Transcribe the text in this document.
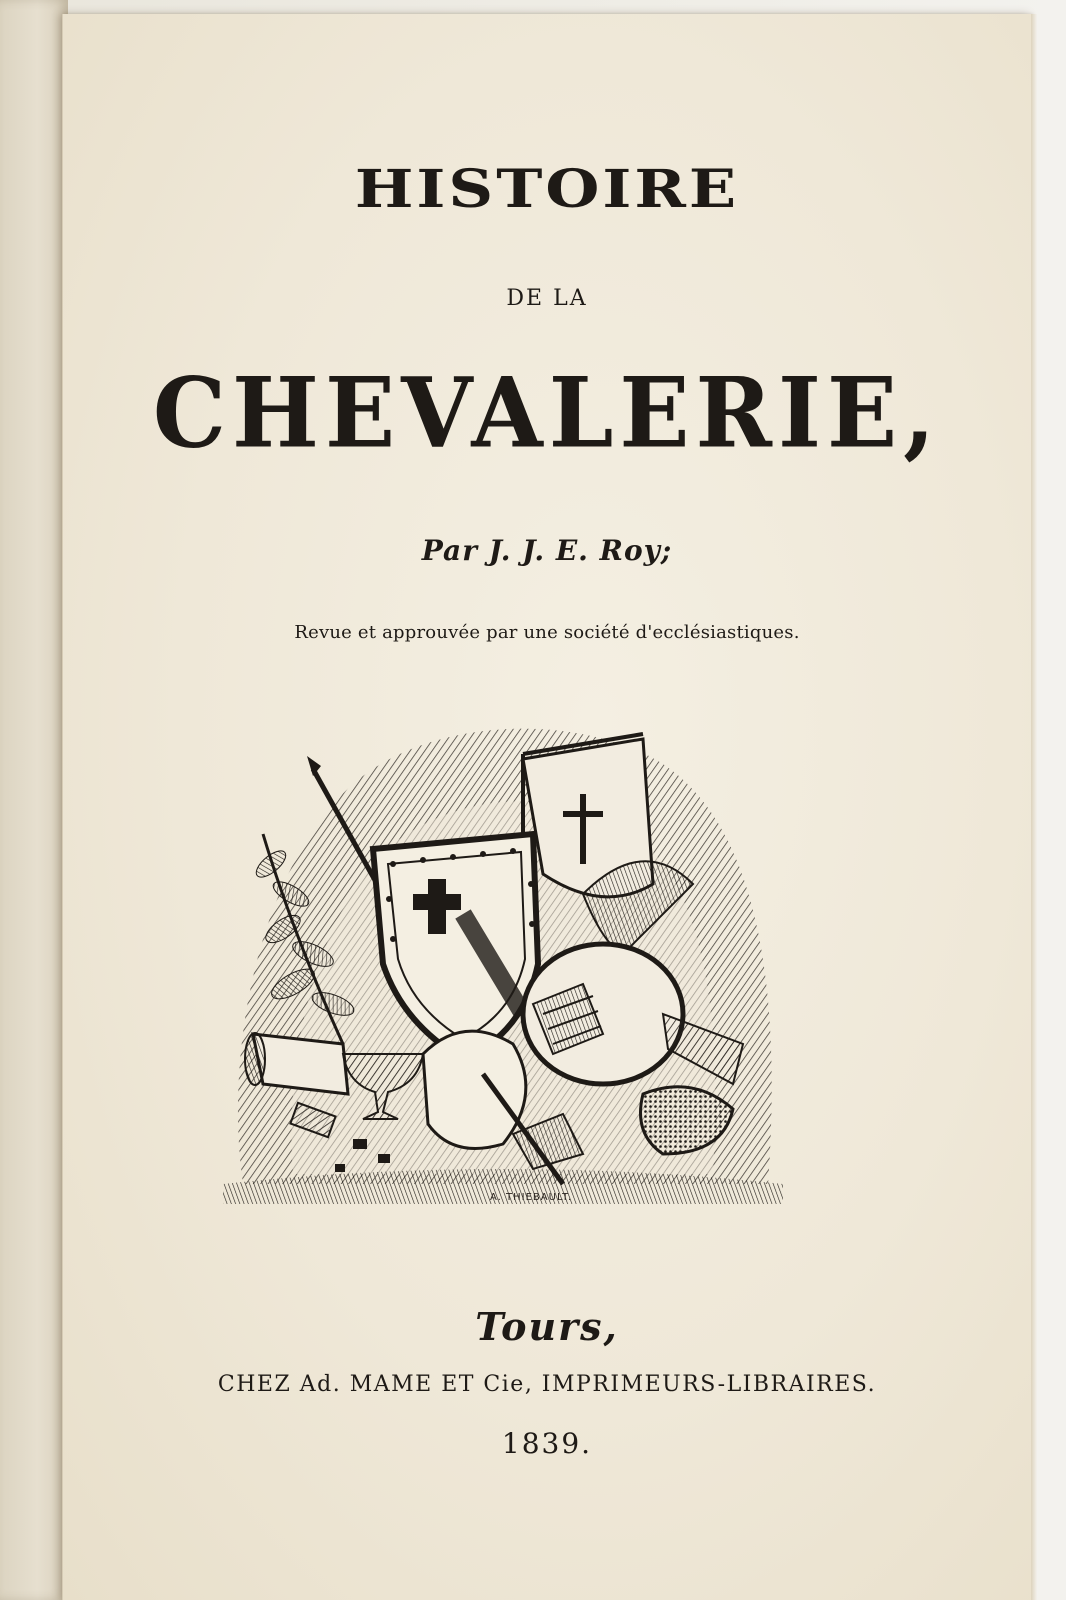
HISTOIRE

DE LA

CHEVALERIE,

Par J. J. E. Roy;

Revue et approuvée par une société d'ecclésiastiques.

A. THIEBAULT.

Tours,

CHEZ Ad. MAME ET Cie, IMPRIMEURS-LIBRAIRES.

1839.
